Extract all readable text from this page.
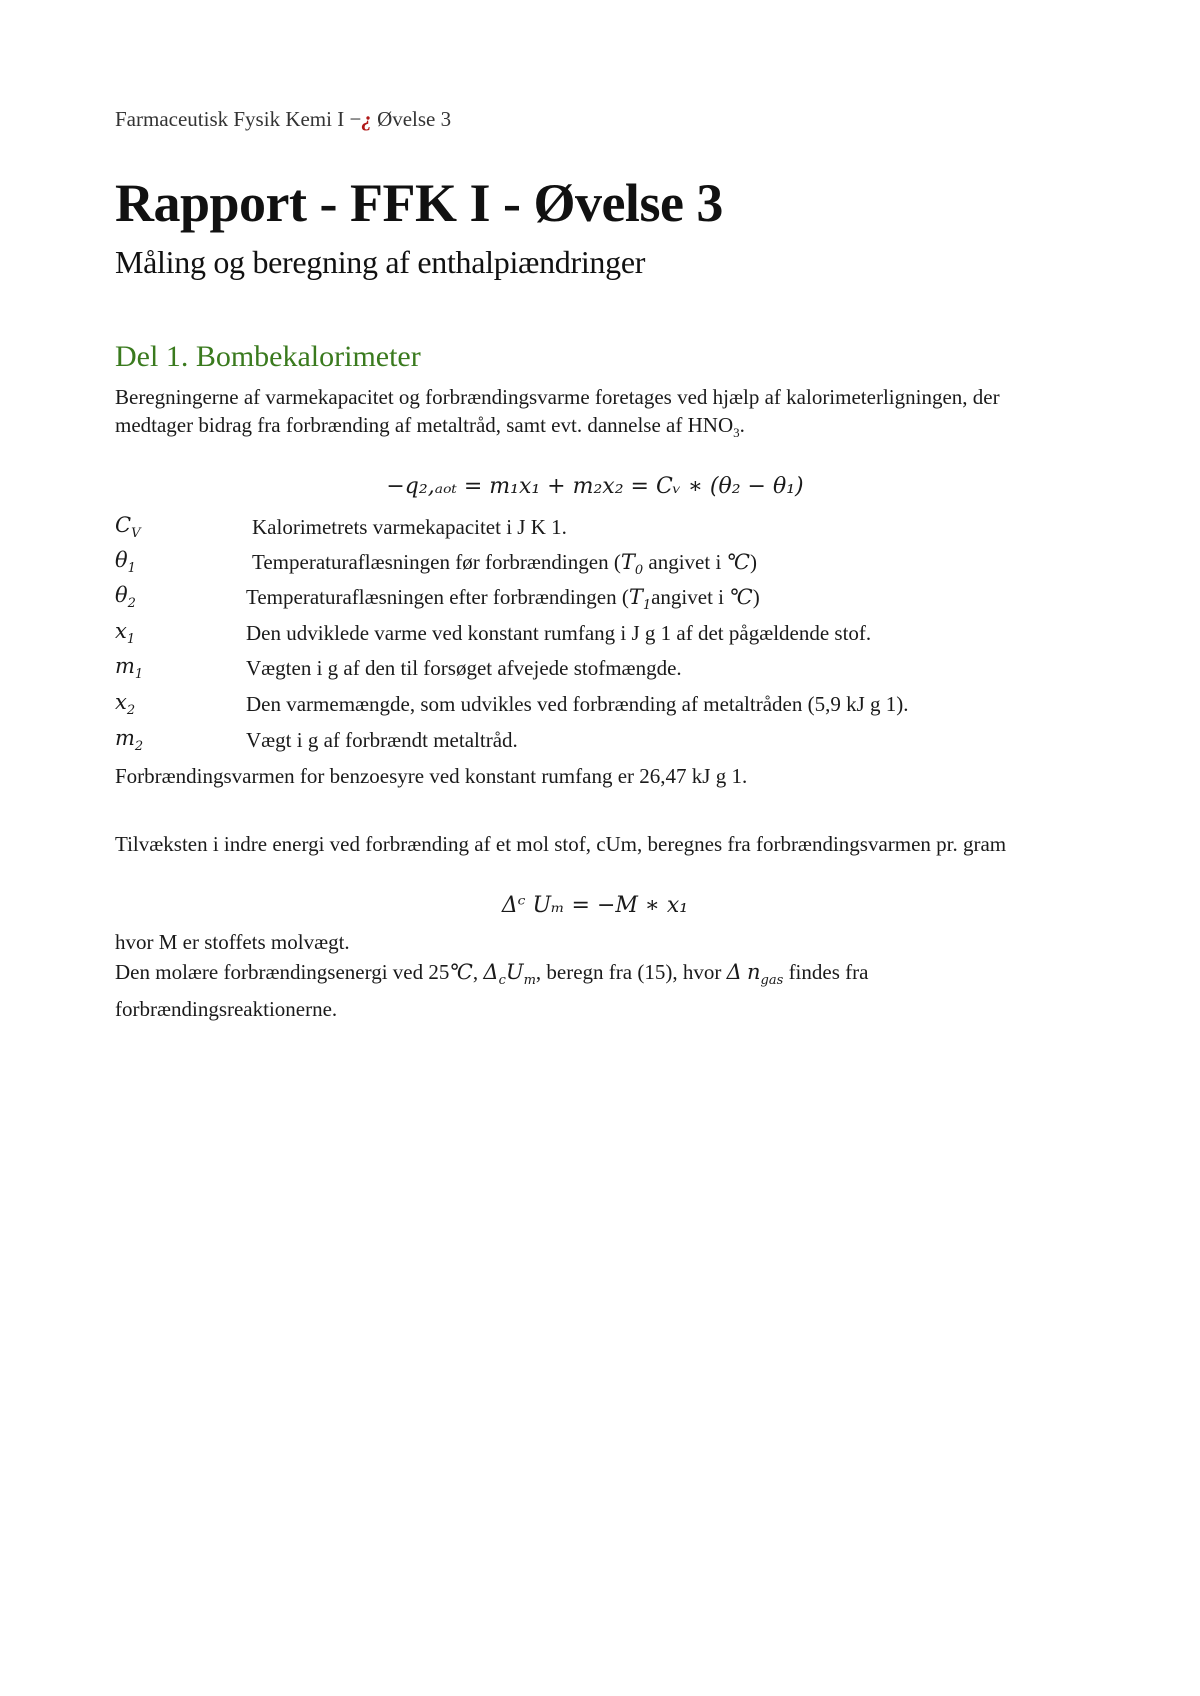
Farmaceutisk Fysik Kemi I −¿ Øvelse 3
Rapport - FFK I - Øvelse 3
Måling og beregning af enthalpiændringer
Del 1. Bombekalorimeter
Beregningerne af varmekapacitet og forbrændingsvarme foretages ved hjælp af kalorimeterligningen, der medtager bidrag fra forbrænding af metaltråd, samt evt. dannelse af $HNO_3$.
−q₂,ₐₒₜ = m₁x₁ + m₂x₂ = Cᵥ ∗ (θ₂ − θ₁)
$C_V$	Kalorimetrets varmekapacitet i J K 1.
$\theta_1$	Temperaturaflæsningen før forbrændingen ($T_0$ angivet i ℃)
$\theta_2$	Temperaturaflæsningen efter forbrændingen ($T_1angivet$ i ℃)
$x_1$	Den udviklede varme ved konstant rumfang i J g 1 af det pågældende stof.
$m_1$	Vægten i g af den til forsøget afvejede stofmængde.
$x_2$	Den varmemængde, som udvikles ved forbrænding af metaltråden (5,9 kJ g 1).
$m_2$	Vægt i g af forbrændt metaltråd.
Forbrændingsvarmen for benzoesyre ved konstant rumfang er 26,47 kJ g 1.
Tilvæksten i indre energi ved forbrænding af et mol stof, cUm, beregnes fra forbrændingsvarmen pr. gram
Δᶜ Uₘ = −M ∗ x₁
hvor M er stoffets molvægt.
Den molære forbrændingsenergi ved 25℃, $\Delta_cU_m$, beregn fra (15), hvor Δ $n_{gas}$ findes fra forbrændingsreaktionerne.
